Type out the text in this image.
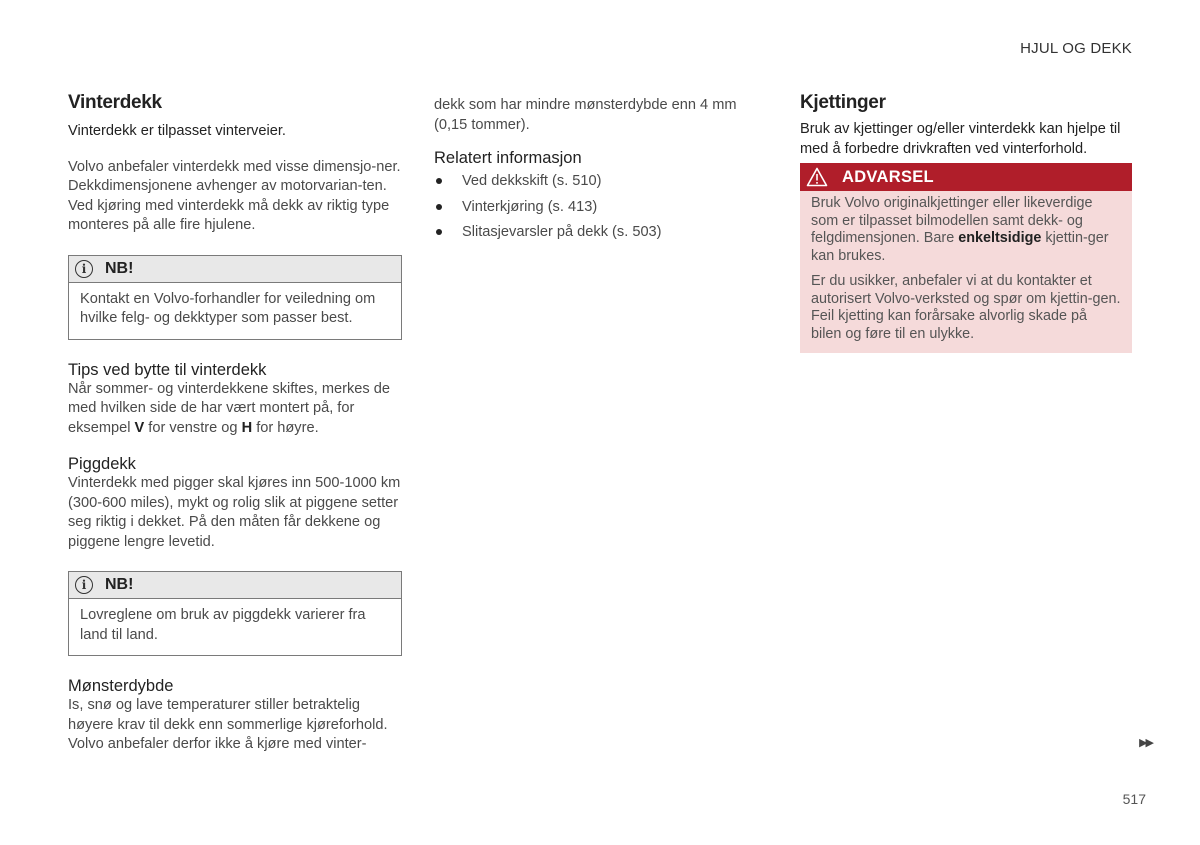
HJUL OG DEKK
Vinterdekk

Vinterdekk er tilpasset vinterveier.

Volvo anbefaler vinterdekk med visse dimensjo-ner. Dekkdimensjonene avhenger av motorvarian-ten. Ved kjøring med vinterdekk må dekk av riktig type monteres på alle fire hjulene.

i	NB!

Kontakt en Volvo-forhandler for veiledning om hvilke felg- og dekktyper som passer best.

Tips ved bytte til vinterdekk

Når sommer- og vinterdekkene skiftes, merkes de med hvilken side de har vært montert på, for eksempel V for venstre og H for høyre.

Piggdekk

Vinterdekk med pigger skal kjøres inn 500-1000 km (300-600 miles), mykt og rolig slik at piggene setter seg riktig i dekket. På den måten får dekkene og piggene lengre levetid.

i	NB!

Lovreglene om bruk av piggdekk varierer fra land til land.

Mønsterdybde

Is, snø og lave temperaturer stiller betraktelig høyere krav til dekk enn sommerlige kjøreforhold. Volvo anbefaler derfor ikke å kjøre med vinter-

dekk som har mindre mønsterdybde enn 4 mm (0,15 tommer).

Relatert informasjon
Ved dekkskift (s. 510)
Vinterkjøring (s. 413)
Slitasjevarsler på dekk (s. 503)
Kjettinger

Bruk av kjettinger og/eller vinterdekk kan hjelpe til med å forbedre drivkraften ved vinterforhold.

ADVARSEL

Bruk Volvo originalkjettinger eller likeverdige som er tilpasset bilmodellen samt dekk- og felgdimensjonen. Bare enkeltsidige kjettin-ger kan brukes.

Er du usikker, anbefaler vi at du kontakter et autorisert Volvo-verksted og spør om kjettin-gen. Feil kjetting kan forårsake alvorlig skade på bilen og føre til en ulykke.

▶▶
517
